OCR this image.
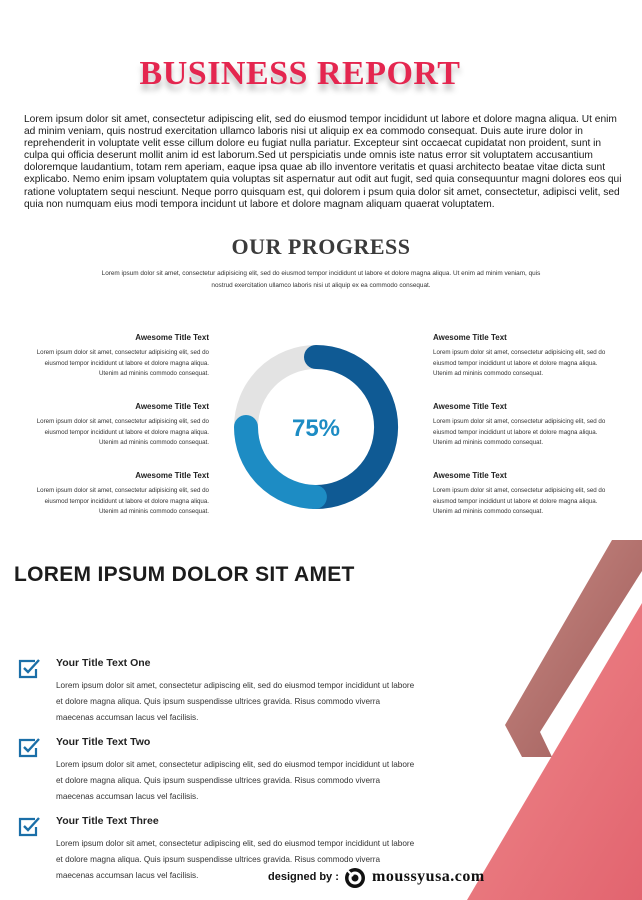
BUSINESS REPORT
Lorem ipsum dolor sit amet, consectetur adipiscing elit, sed do eiusmod tempor incididunt ut labore et dolore magna aliqua. Ut enim ad minim veniam, quis nostrud exercitation ullamco laboris nisi ut aliquip ex ea commodo consequat. Duis aute irure dolor in reprehenderit in voluptate velit esse cillum dolore eu fugiat nulla pariatur. Excepteur sint occaecat cupidatat non proident, sunt in culpa qui officia deserunt mollit anim id est laborum.Sed ut perspiciatis unde omnis iste natus error sit voluptatem accusantium doloremque laudantium, totam rem aperiam, eaque ipsa quae ab illo inventore veritatis et quasi architecto beatae vitae dicta sunt explicabo. Nemo enim ipsam voluptatem quia voluptas sit aspernatur aut odit aut fugit, sed quia consequuntur magni dolores eos qui ratione voluptatem sequi nesciunt. Neque porro quisquam est, qui dolorem i psum quia dolor sit amet, consectetur, adipisci velit, sed quia non numquam eius modi tempora incidunt ut labore et dolore magnam aliquam quaerat voluptatem.
OUR PROGRESS
Lorem ipsum dolor sit amet, consectetur adipisicing elit, sed do eiusmod tempor incididunt ut labore et dolore magna aliqua. Ut enim ad minim veniam, quis nostrud exercitation ullamco laboris nisi ut aliquip ex ea commodo consequat.
Awesome Title Text
Lorem ipsum dolor sit amet, consectetur adipisicing elit, sed do eiusmod tempor incididunt ut labore et dolore magna aliqua. Utenim ad mininis commodo consequat.
Awesome Title Text
Lorem ipsum dolor sit amet, consectetur adipisicing elit, sed do eiusmod tempor incididunt ut labore et dolore magna aliqua. Utenim ad mininis commodo consequat.
Awesome Title Text
Lorem ipsum dolor sit amet, consectetur adipisicing elit, sed do eiusmod tempor incididunt ut labore et dolore magna aliqua. Utenim ad mininis commodo consequat.
Awesome Title Text
Lorem ipsum dolor sit amet, consectetur adipisicing elit, sed do eiusmod tempor incididunt ut labore et dolore magna aliqua. Utenim ad mininis commodo consequat.
Awesome Title Text
Lorem ipsum dolor sit amet, consectetur adipisicing elit, sed do eiusmod tempor incididunt ut labore et dolore magna aliqua. Utenim ad mininis commodo consequat.
Awesome Title Text
Lorem ipsum dolor sit amet, consectetur adipisicing elit, sed do eiusmod tempor incididunt ut labore et dolore magna aliqua. Utenim ad mininis commodo consequat.
75%
LOREM IPSUM DOLOR SIT AMET
Your Title Text One
Lorem ipsum dolor sit amet, consectetur adipiscing elit, sed do eiusmod tempor incididunt ut labore et dolore magna aliqua. Quis ipsum suspendisse ultrices gravida. Risus commodo viverra maecenas accumsan lacus vel facilisis.
Your Title Text Two
Lorem ipsum dolor sit amet, consectetur adipiscing elit, sed do eiusmod tempor incididunt ut labore et dolore magna aliqua. Quis ipsum suspendisse ultrices gravida. Risus commodo viverra maecenas accumsan lacus vel facilisis.
Your Title Text Three
Lorem ipsum dolor sit amet, consectetur adipiscing elit, sed do eiusmod tempor incididunt ut labore et dolore magna aliqua. Quis ipsum suspendisse ultrices gravida. Risus commodo viverra maecenas accumsan lacus vel facilisis.	designed by : moussyusa.com
